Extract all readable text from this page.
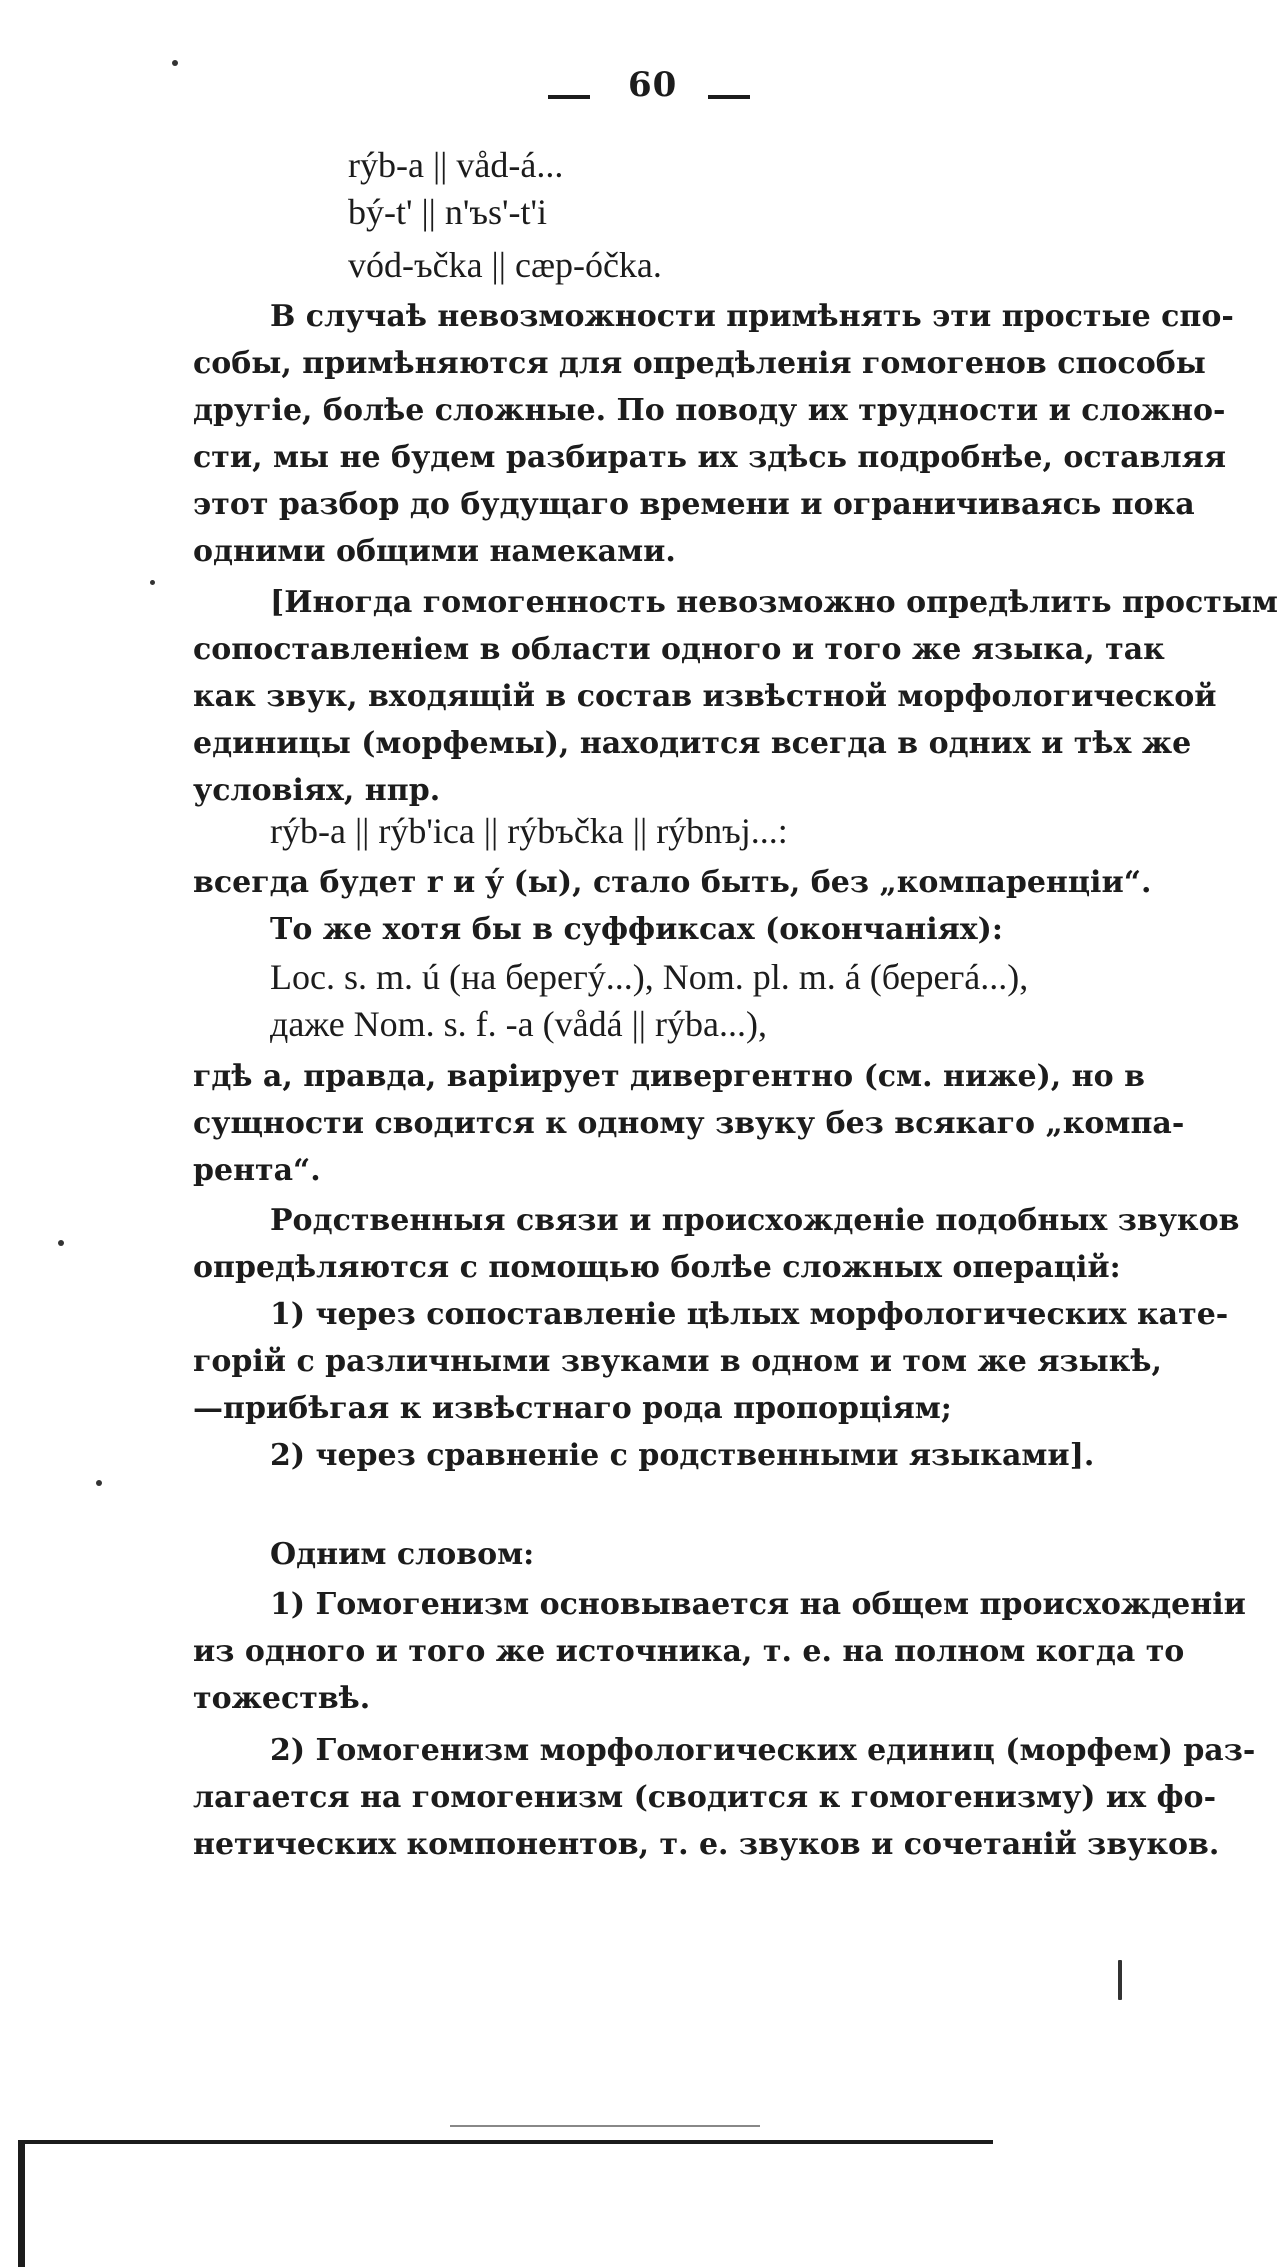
60
rýb-a || våd-á...
bý-t' || n'ъs'-t'i
vód-ъčka || cæp-óčka.
В случаѣ невозможности примѣнять эти простые спо-
собы, примѣняются для опредѣленія гомогенов способы
другіе, болѣе сложные. По поводу их трудности и сложно-
сти, мы не будем разбирать их здѣсь подробнѣе, оставляя
этот разбор до будущаго времени и ограничиваясь пока
одними общими намеками.
[Иногда гомогенность невозможно опредѣлить простым
сопоставленіем в области одного и того же языка, так
как звук, входящій в состав извѣстной морфологической
единицы (морфемы), находится всегда в одних и тѣх же
условіях, нпр.
rýb-a || rýb'ica || rýbъčka || rýbnъj...:
всегда будет r и ý (ы), стало быть, без „компаренціи“.
То же хотя бы в суффиксах (окончаніях):
Loc. s. m. ú (на берегý...), Nom. pl. m. á (берегá...),
даже Nom. s. f. -a (vådá || rýba...),
гдѣ a, правда, варіирует дивергентно (см. ниже), но в
сущности сводится к одному звуку без всякаго „компа-
рента“.
Родственныя связи и происхожденіе подобных звуков
опредѣляются с помощью болѣе сложных операцій:
1) через сопоставленіе цѣлых морфологических кате-
горій с различными звуками в одном и том же языкѣ,
—прибѣгая к извѣстнаго рода пропорціям;
2) через сравненіе с родственными языками].
Одним словом:
1) Гомогенизм основывается на общем происхожденіи
из одного и того же источника, т. е. на полном когда то
тожествѣ.
2) Гомогенизм морфологических единиц (морфем) раз-
лагается на гомогенизм (сводится к гомогенизму) их фо-
нетических компонентов, т. е. звуков и сочетаній звуков.
